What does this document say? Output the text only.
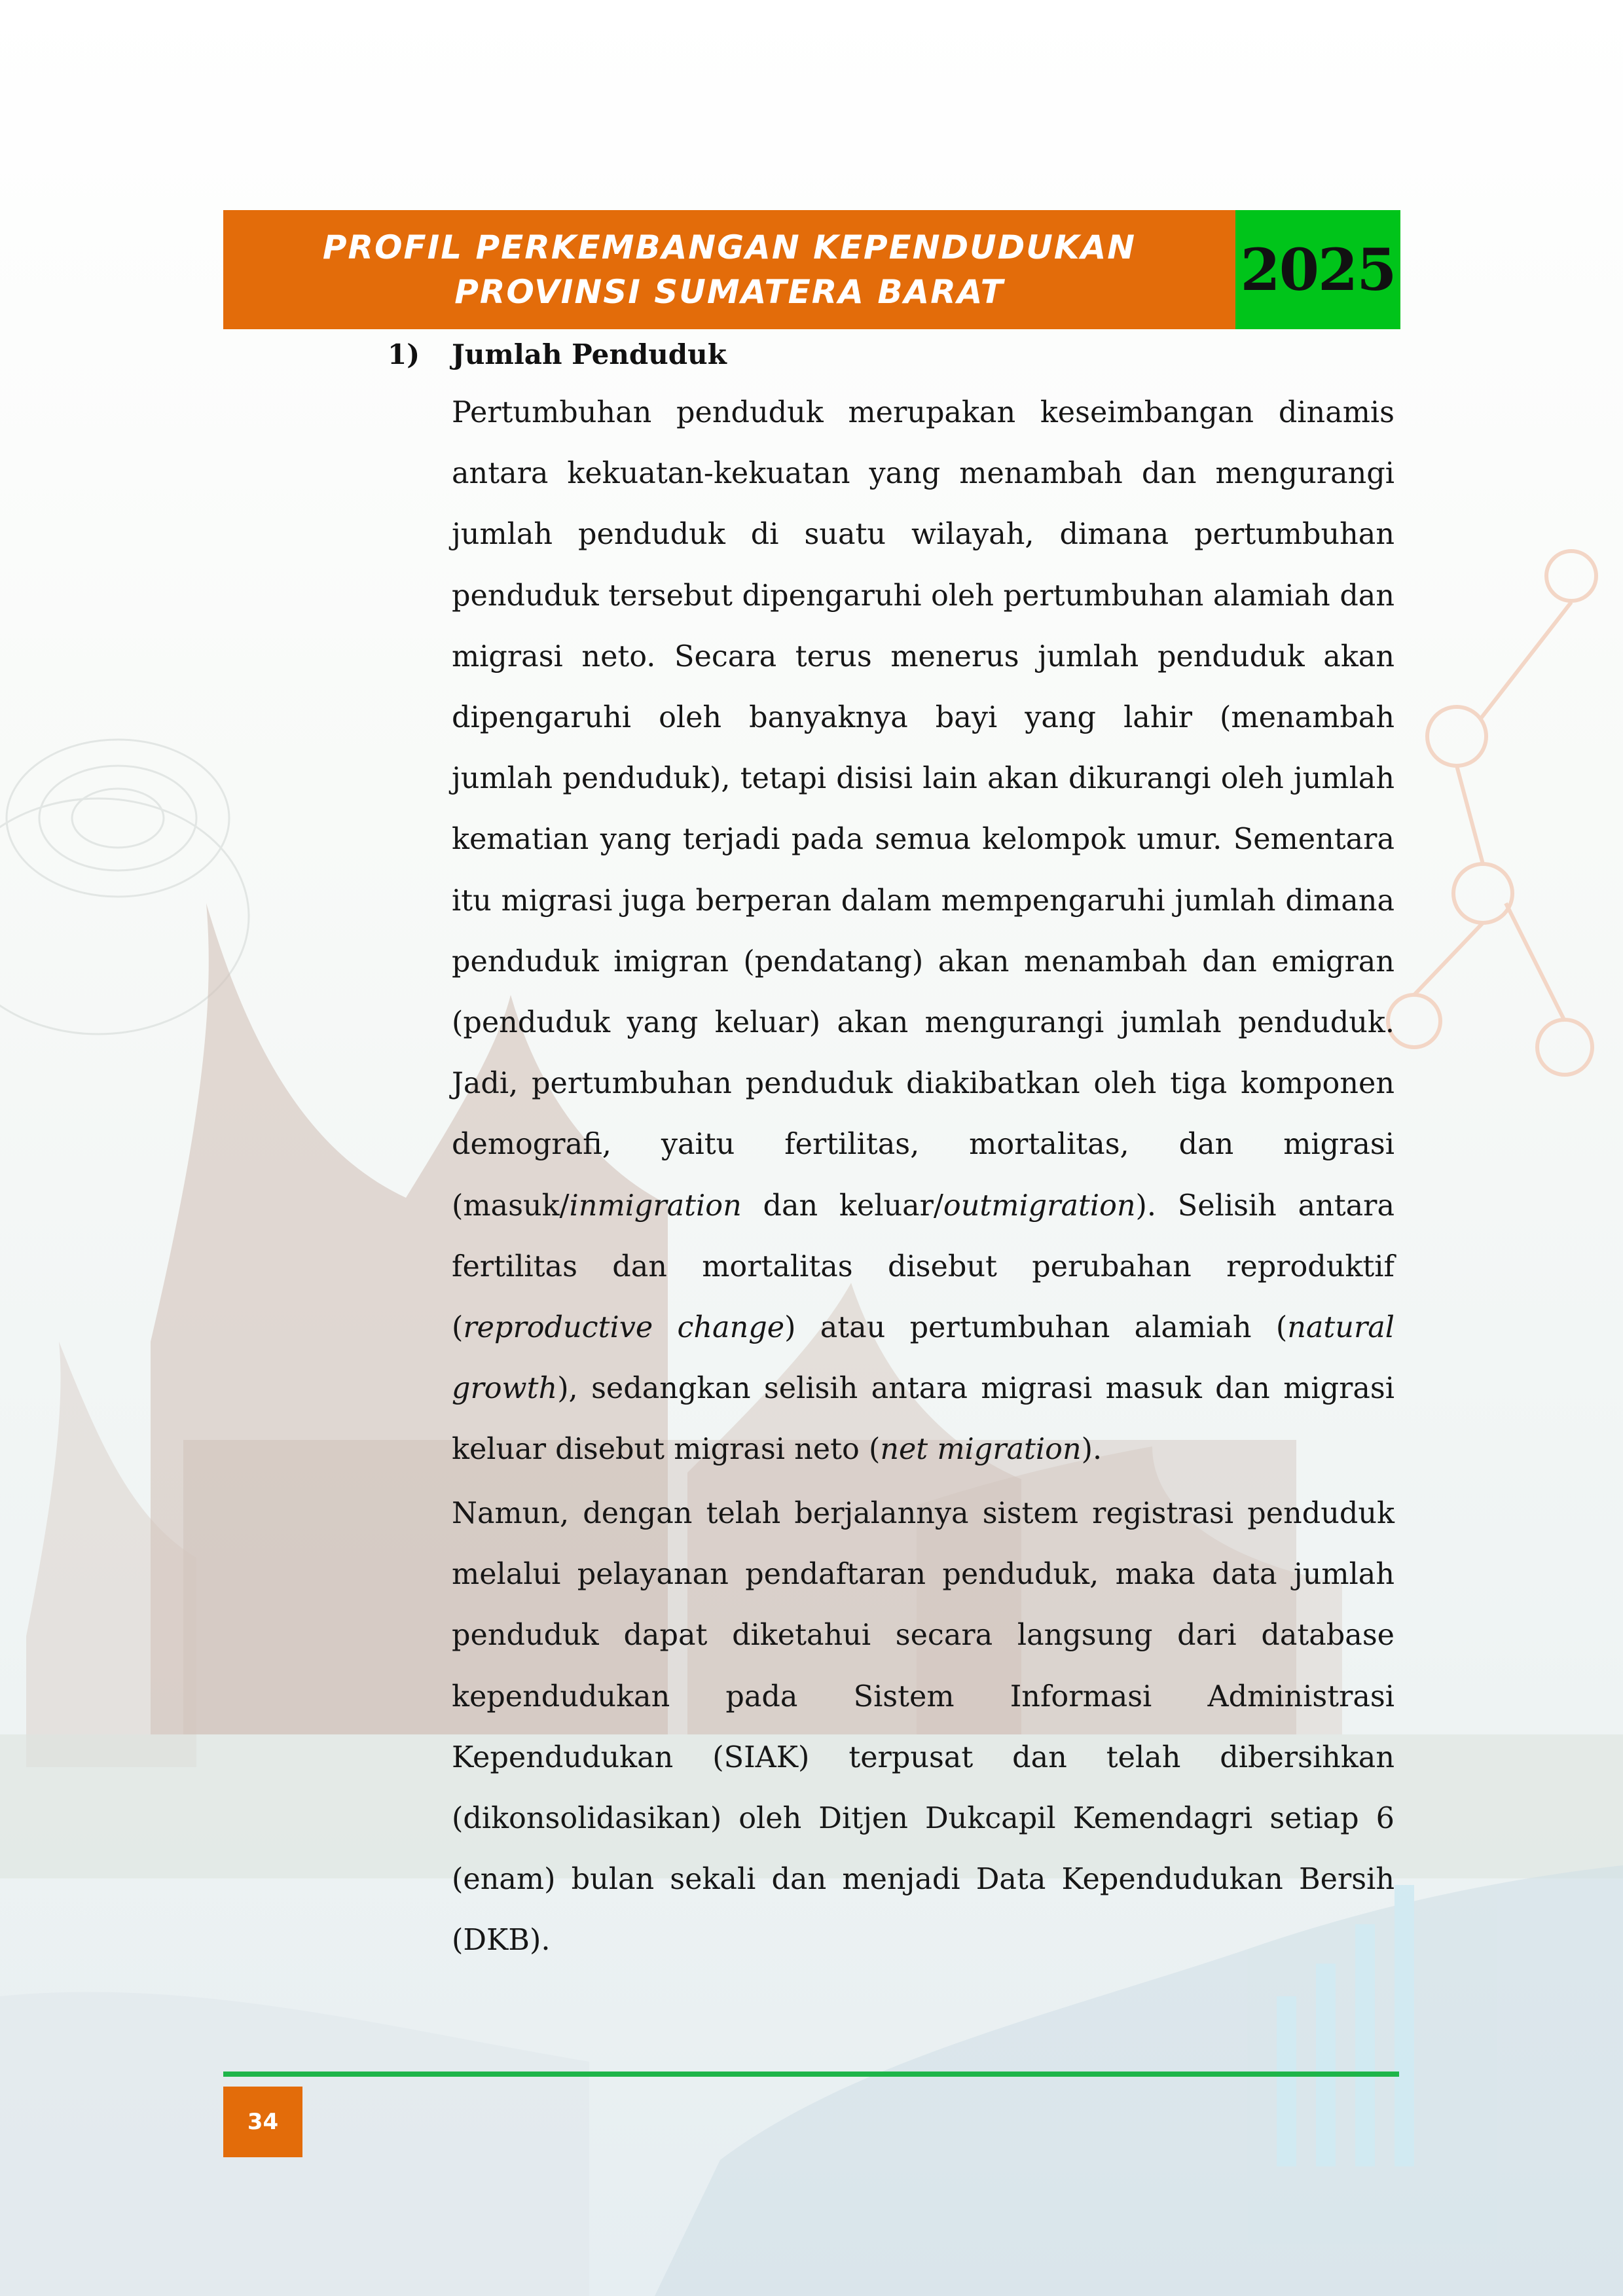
PROFIL PERKEMBANGAN KEPENDUDUKAN
PROVINSI SUMATERA BARAT	2025
1) Jumlah Penduduk

Pertumbuhan penduduk merupakan keseimbangan dinamis antara kekuatan-kekuatan yang menambah dan mengurangi jumlah penduduk di suatu wilayah, dimana pertumbuhan penduduk tersebut dipengaruhi oleh pertumbuhan alamiah dan migrasi neto. Secara terus menerus jumlah penduduk akan dipengaruhi oleh banyaknya bayi yang lahir (menambah jumlah penduduk), tetapi disisi lain akan dikurangi oleh jumlah kematian yang terjadi pada semua kelompok umur. Sementara itu migrasi juga berperan dalam mempengaruhi jumlah dimana penduduk imigran (pendatang) akan menambah dan emigran (penduduk yang keluar) akan mengurangi jumlah penduduk. Jadi, pertumbuhan penduduk diakibatkan oleh tiga komponen demografi, yaitu fertilitas, mortalitas, dan migrasi (masuk/inmigration dan keluar/outmigration). Selisih antara fertilitas dan mortalitas disebut perubahan reproduktif (reproductive change) atau pertumbuhan alamiah (natural growth), sedangkan selisih antara migrasi masuk dan migrasi keluar disebut migrasi neto (net migration).

Namun, dengan telah berjalannya sistem registrasi penduduk melalui pelayanan pendaftaran penduduk, maka data jumlah penduduk dapat diketahui secara langsung dari database kependudukan pada Sistem Informasi Administrasi Kependudukan (SIAK) terpusat dan telah dibersihkan (dikonsolidasikan) oleh Ditjen Dukcapil Kemendagri setiap 6 (enam) bulan sekali dan menjadi Data Kependudukan Bersih (DKB).

34
